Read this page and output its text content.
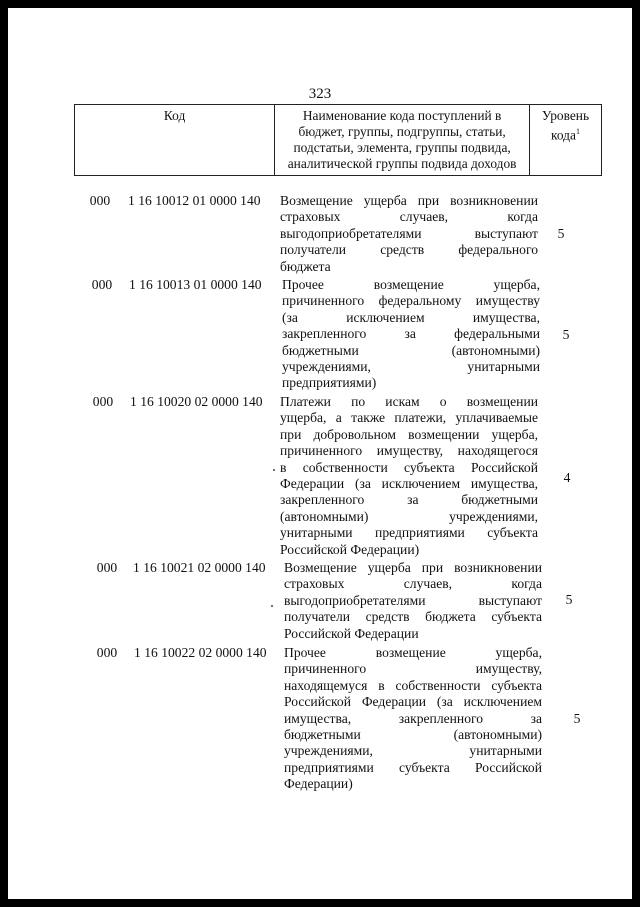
323
Код	Наименование кода поступлений в
бюджет, группы, подгруппы, статьи,
подстатьи, элемента, группы подвида,
аналитической группы подвида доходов

Уровень
кода$^1$
000	1 16 10012 01 0000 140 Возмещение ущерба при возникновении
страховых случаев, когда
выгодоприобретателями выступают
получатели средств федерального
бюджета
5
000	1 16 10013 01 0000 140 Прочее возмещение ущерба,
причиненного федеральному имуществу
(за исключением имущества,
закрепленного за федеральными
бюджетными (автономными)
учреждениями, унитарными
предприятиями)
5
000	1 16 10020 02 0000 140 Платежи по искам о возмещении
ущерба, а также платежи, уплачиваемые
при добровольном возмещении ущерба,
причиненного имуществу, находящегося
в собственности субъекта Российской
Федерации (за исключением имущества,
закрепленного за бюджетными
(автономными) учреждениями,
унитарными предприятиями субъекта
Российской Федерации)
4
000	1 16 10021 02 0000 140 Возмещение ущерба при возникновении
страховых случаев, когда
выгодоприобретателями выступают
получатели средств бюджета субъекта
Российской Федерации
5
000	1 16 10022 02 0000 140 Прочее возмещение ущерба,
причиненного имуществу,
находящемуся в собственности субъекта
Российской Федерации (за исключением
имущества, закрепленного за
бюджетными (автономными)
учреждениями, унитарными
предприятиями субъекта Российской
Федерации)
5
